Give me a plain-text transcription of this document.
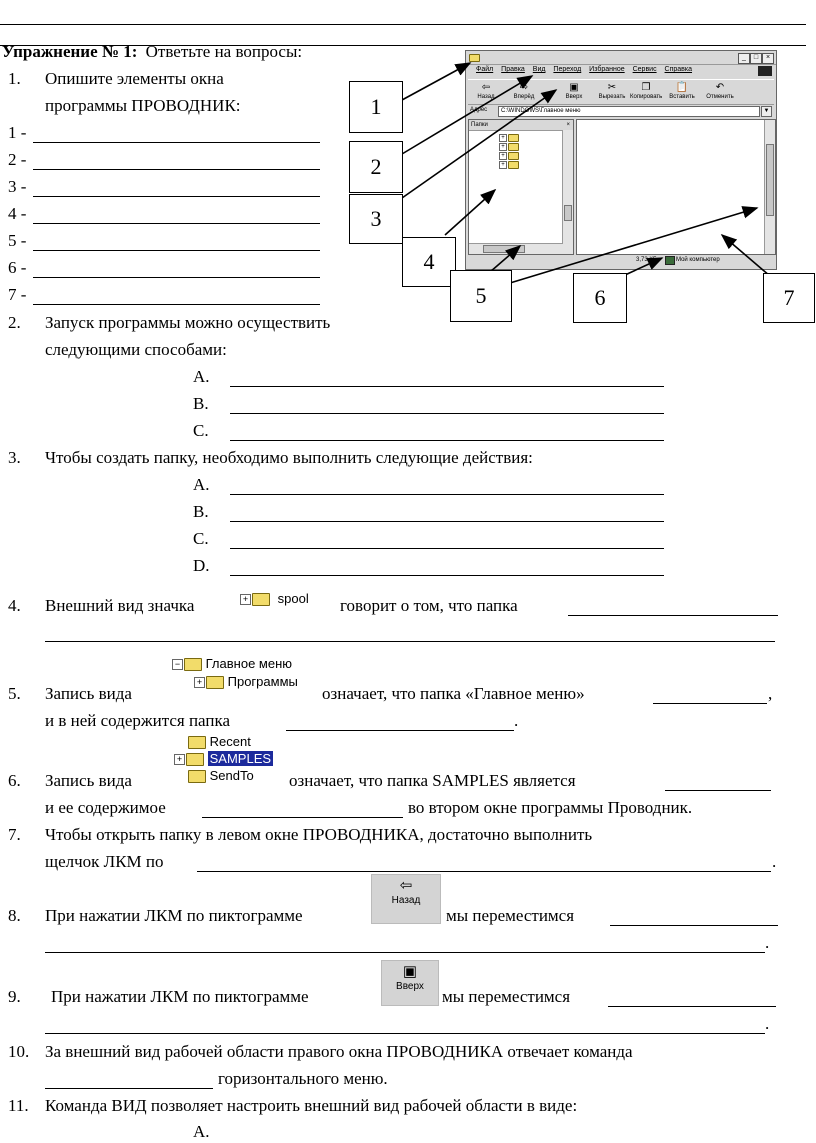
Упражнение № 1: Ответьте на вопросы:
1. Опишите элементы окна
программы ПРОВОДНИК:
1 -
2 -
3 -
4 -
5 -
6 -
7 -
_	□	×
Файл Правка Вид Переход Избранное Сервис Справка
⇦
Назад
⇨
Вперёд
▣
Вверх
✂
Вырезать
❐
Копировать
📋
Вставить
↶
Отменить
Адрес	C:\WINDOWS\Главное меню	▼
Папки	×
+
+
+
+
3,73 КБ	Мой компьютер
1
2
3
4
5	6	7
2. Запуск программы можно осуществить
следующими способами:
A.
B.
C.
3. Чтобы создать папку, необходимо выполнить следующие действия:
A.
B.
C.
D.
4. Внешний вид значка	+ spool говорит о том, что папка
− Главное меню
+ Программы
5. Запись вида	означает, что папка «Главное меню»	,
и в ней содержится папка	.
Recent
+ SAMPLES
SendTo
6. Запись вида	означает, что папка SAMPLES является
и ее содержимое	во втором окне программы Проводник.
7. Чтобы открыть папку в левом окне ПРОВОДНИКА, достаточно выполнить
щелчок ЛКМ по	.
⇦
Назад
8. При нажатии ЛКМ по пиктограмме	мы переместимся
.
▣
Вверх
9. При нажатии ЛКМ по пиктограмме	мы переместимся
.
10. За внешний вид рабочей области правого окна ПРОВОДНИКА отвечает команда
горизонтального меню.
11. Команда ВИД позволяет настроить внешний вид рабочей области в виде:
A.
